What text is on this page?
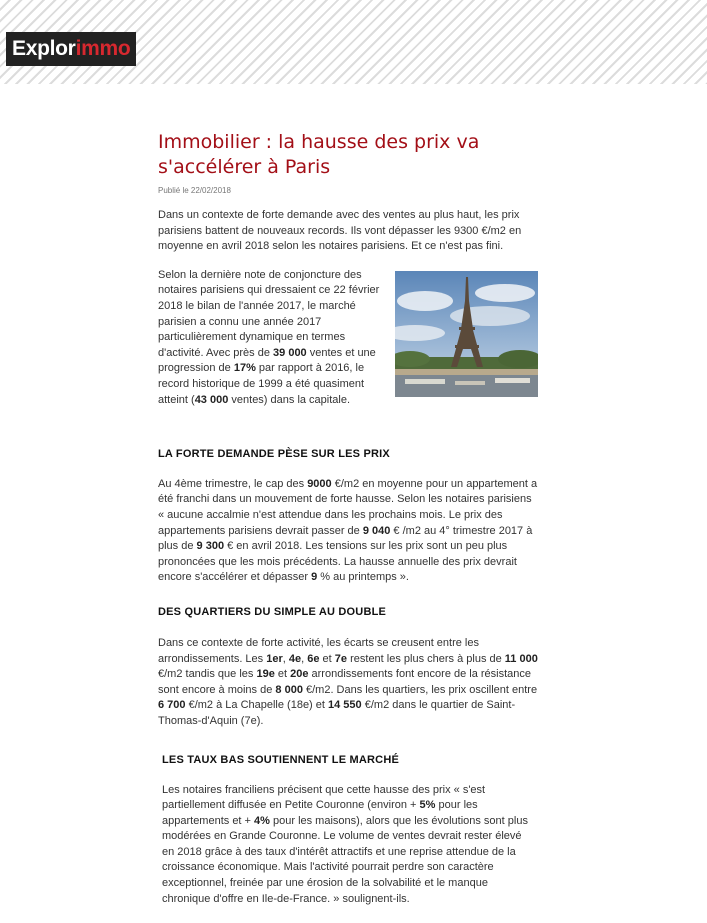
Explor immo
Immobilier : la hausse des prix va s'accélérer à Paris
Publié le 22/02/2018

Dans un contexte de forte demande avec des ventes au plus haut, les prix parisiens battent de nouveaux records. Ils vont dépasser les 9300 €/m2 en moyenne en avril 2018 selon les notaires parisiens. Et ce n'est pas fini.

Selon la dernière note de conjoncture des notaires parisiens qui dressaient ce 22 février 2018 le bilan de l'année 2017, le marché parisien a connu une année 2017 particulièrement dynamique en termes d'activité. Avec près de 39 000 ventes et une progression de 17% par rapport à 2016, le record historique de 1999 a été quasiment atteint (43 000 ventes) dans la capitale.

LA FORTE DEMANDE PÈSE SUR LES PRIX

Au 4ème trimestre, le cap des 9000 €/m2 en moyenne pour un appartement a été franchi dans un mouvement de forte hausse. Selon les notaires parisiens « aucune accalmie n'est attendue dans les prochains mois. Le prix des appartements parisiens devrait passer de 9 040 € /m2 au 4° trimestre 2017 à plus de 9 300 € en avril 2018. Les tensions sur les prix sont un peu plus prononcées que les mois précédents. La hausse annuelle des prix devrait encore s'accélérer et dépasser 9 % au printemps ».

DES QUARTIERS DU SIMPLE AU DOUBLE

Dans ce contexte de forte activité, les écarts se creusent entre les arrondissements. Les 1er, 4e, 6e et 7e restent les plus chers à plus de 11 000 €/m2 tandis que les 19e et 20e arrondissements font encore de la résistance sont encore à moins de 8 000 €/m2. Dans les quartiers, les prix oscillent entre 6 700 €/m2 à La Chapelle (18e) et 14 550 €/m2 dans le quartier de Saint-Thomas-d'Aquin (7e).

LES TAUX BAS SOUTIENNENT LE MARCHÉ

Les notaires franciliens précisent que cette hausse des prix « s'est partiellement diffusée en Petite Couronne (environ + 5% pour les appartements et + 4% pour les maisons), alors que les évolutions sont plus modérées en Grande Couronne. Le volume de ventes devrait rester élevé en 2018 grâce à des taux d'intérêt attractifs et une reprise attendue de la croissance économique. Mais l'activité pourrait perdre son caractère exceptionnel, freinée par une érosion de la solvabilité et le manque chronique d'offre en Ile-de-France. » soulignent-ils.
